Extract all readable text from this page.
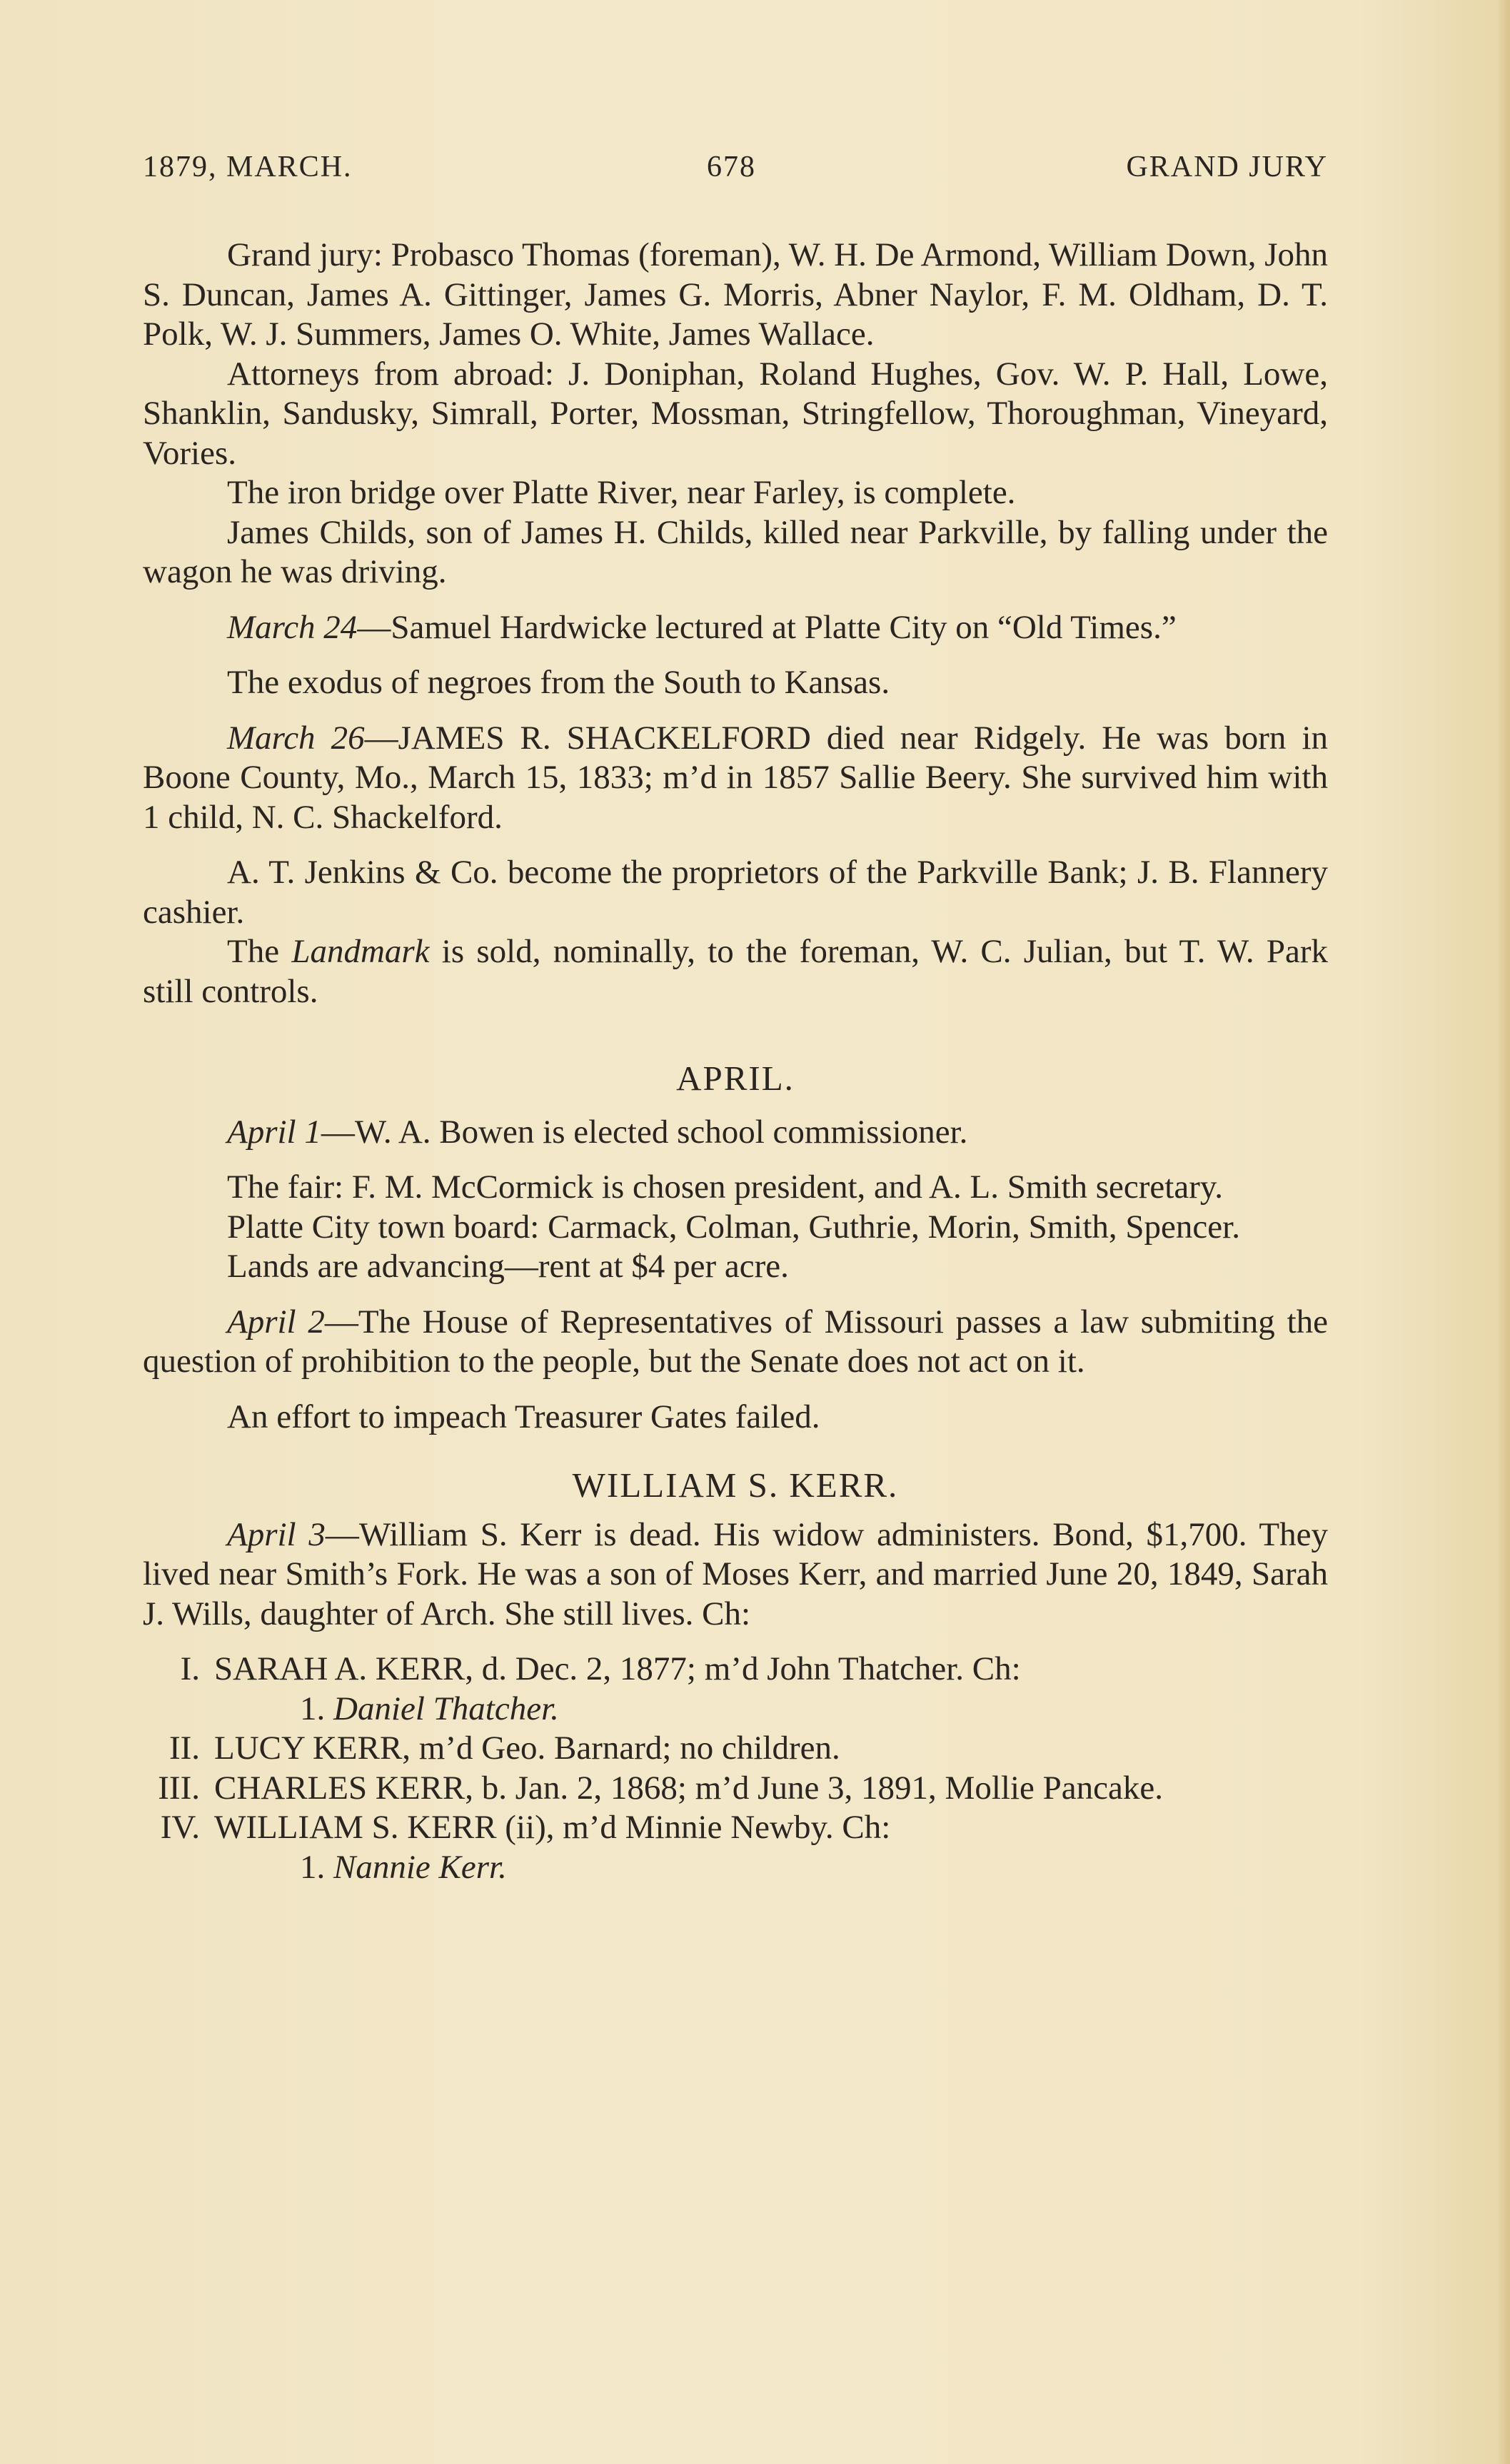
1879, MARCH.	678	GRAND JURY

Grand jury: Probasco Thomas (foreman), W. H. De Armond, William Down, John S. Duncan, James A. Gittinger, James G. Morris, Abner Naylor, F. M. Oldham, D. T. Polk, W. J. Summers, James O. White, James Wallace.

Attorneys from abroad: J. Doniphan, Roland Hughes, Gov. W. P. Hall, Lowe, Shanklin, Sandusky, Simrall, Porter, Mossman, Stringfellow, Thoroughman, Vineyard, Vories.

The iron bridge over Platte River, near Farley, is complete.

James Childs, son of James H. Childs, killed near Parkville, by falling under the wagon he was driving.

March 24—Samuel Hardwicke lectured at Platte City on “Old Times.”

The exodus of negroes from the South to Kansas.

March 26—JAMES R. SHACKELFORD died near Ridgely. He was born in Boone County, Mo., March 15, 1833; m’d in 1857 Sallie Beery. She survived him with 1 child, N. C. Shackelford.

A. T. Jenkins & Co. become the proprietors of the Parkville Bank; J. B. Flannery cashier.

The Landmark is sold, nominally, to the foreman, W. C. Julian, but T. W. Park still controls.

APRIL.

April 1—W. A. Bowen is elected school commissioner.

The fair: F. M. McCormick is chosen president, and A. L. Smith secretary.

Platte City town board: Carmack, Colman, Guthrie, Morin, Smith, Spencer.

Lands are advancing—rent at $4 per acre.

April 2—The House of Representatives of Missouri passes a law submiting the question of prohibition to the people, but the Senate does not act on it.

An effort to impeach Treasurer Gates failed.

WILLIAM S. KERR.

April 3—William S. Kerr is dead. His widow administers. Bond, $1,700. They lived near Smith’s Fork. He was a son of Moses Kerr, and married June 20, 1849, Sarah J. Wills, daughter of Arch. She still lives. Ch:

I. SARAH A. KERR, d. Dec. 2, 1877; m’d John Thatcher. Ch:

1. Daniel Thatcher.

II. LUCY KERR, m’d Geo. Barnard; no children.

III. CHARLES KERR, b. Jan. 2, 1868; m’d June 3, 1891, Mollie Pancake.

IV. WILLIAM S. KERR (ii), m’d Minnie Newby. Ch:

1. Nannie Kerr.
